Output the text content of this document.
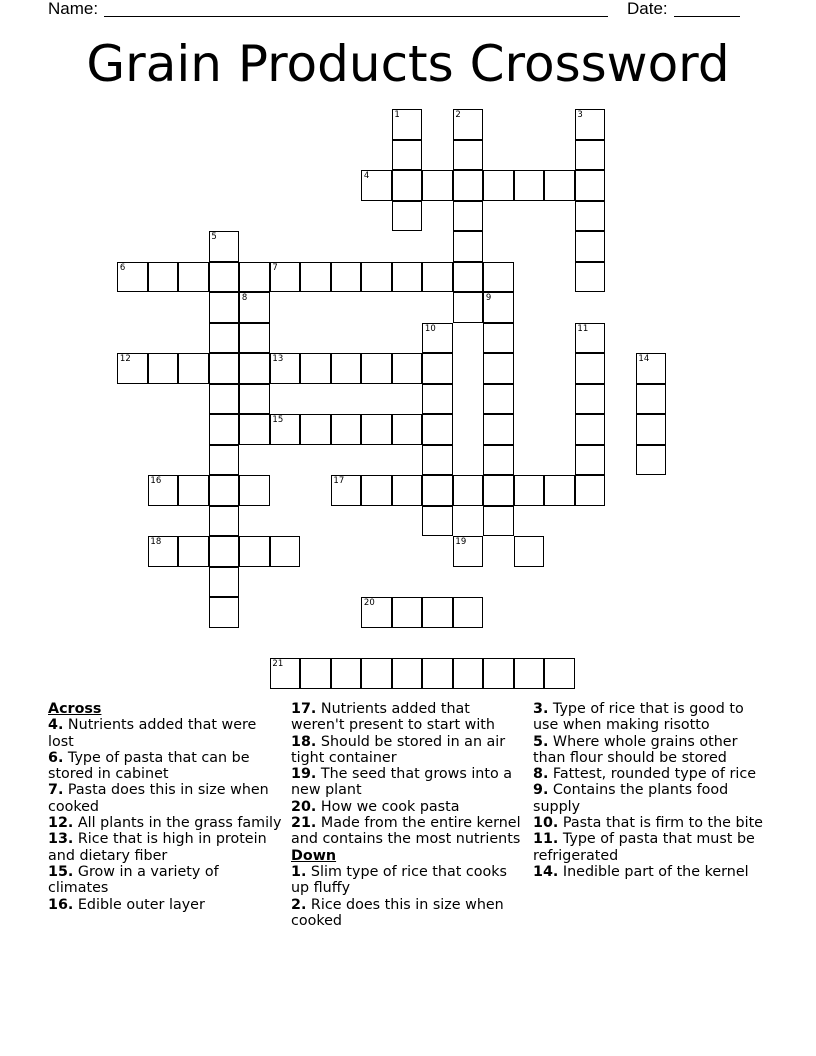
Name:	Date:
Grain Products Crossword
1	2	3
4
5
6	7
8	9
10	11
12	13	14
15
16	17
18	19
20
21
Across
4. Nutrients added that were lost
6. Type of pasta that can be stored in cabinet
7. Pasta does this in size when cooked
12. All plants in the grass family
13. Rice that is high in protein and dietary fiber
15. Grow in a variety of climates
16. Edible outer layer
17. Nutrients added that weren't present to start with
18. Should be stored in an air tight container
19. The seed that grows into a new plant
20. How we cook pasta
21. Made from the entire kernel and contains the most nutrients
Down
1. Slim type of rice that cooks up fluffy
2. Rice does this in size when cooked
3. Type of rice that is good to use when making risotto
5. Where whole grains other than flour should be stored
8. Fattest, rounded type of rice
9. Contains the plants food supply
10. Pasta that is firm to the bite
11. Type of pasta that must be refrigerated
14. Inedible part of the kernel
